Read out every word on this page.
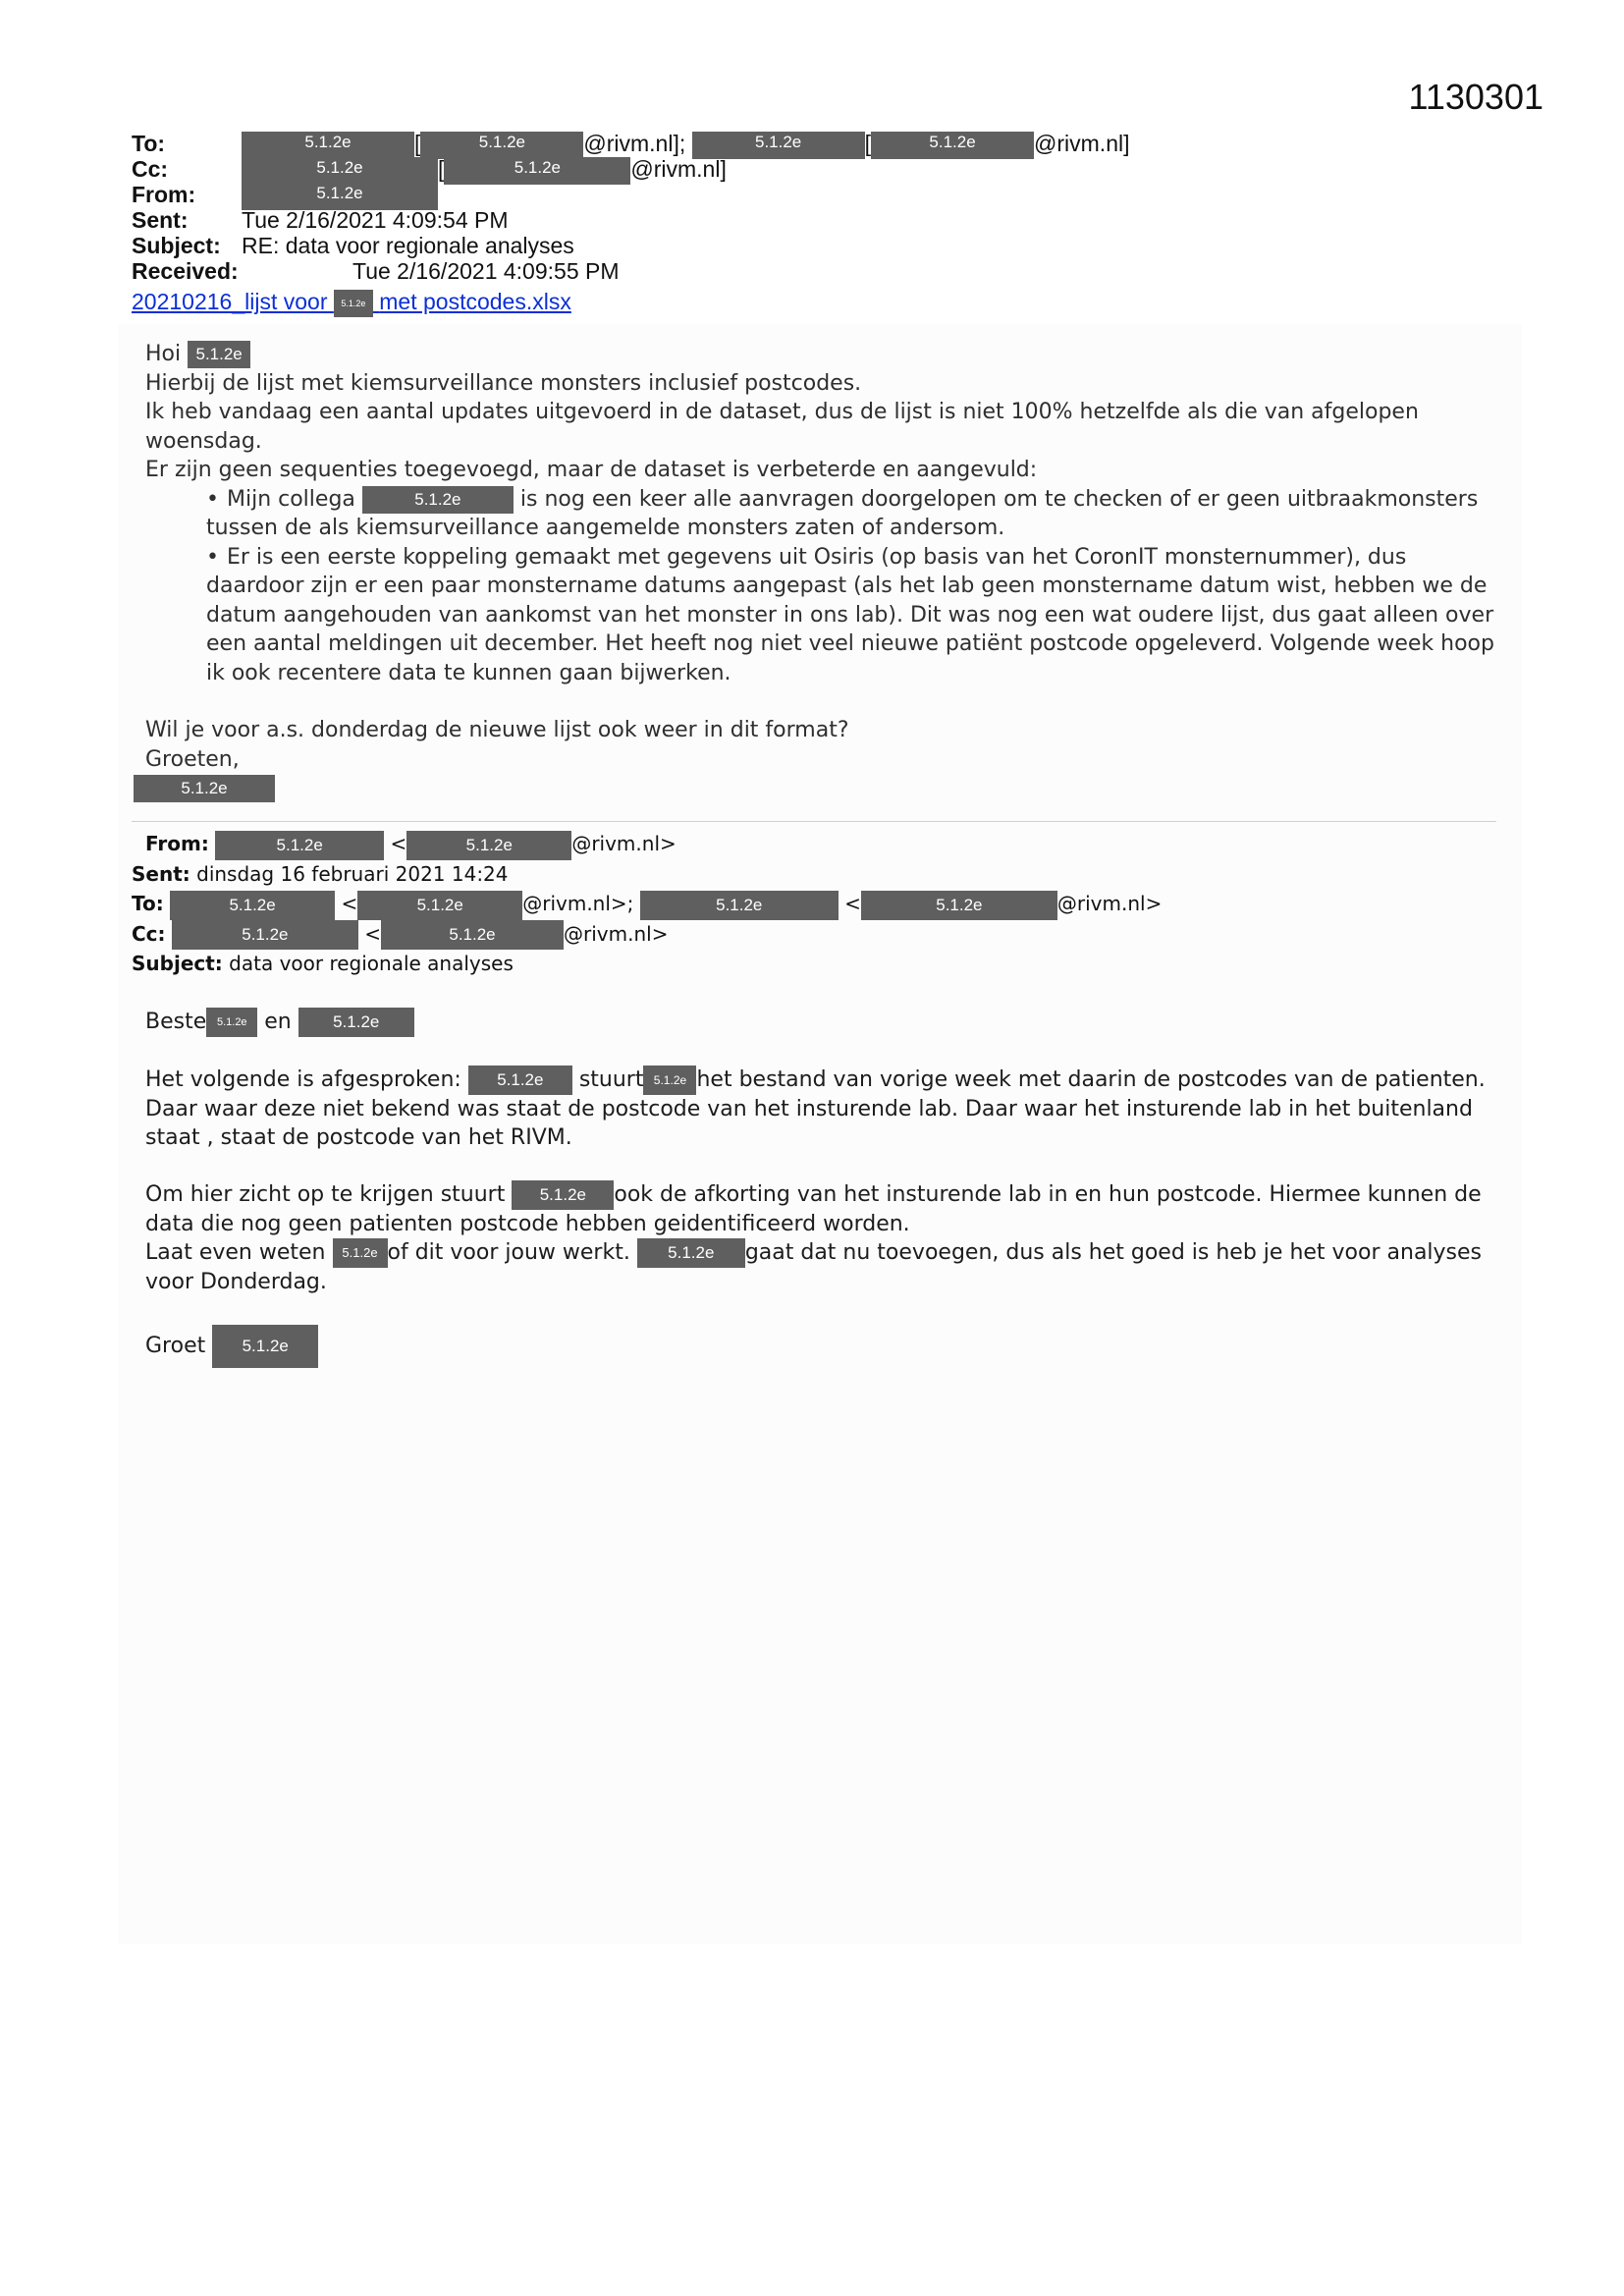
1130301
To:	5.1.2e	[	5.1.2e	@rivm.nl];	5.1.2e	[	5.1.2e	@rivm.nl]
Cc:	5.1.2e	[	5.1.2e	@rivm.nl]
From:	5.1.2e
Sent: Tue 2/16/2021 4:09:54 PM
Subject: RE: data voor regionale analyses
Received:	Tue 2/16/2021 4:09:55 PM
20210216_lijst voor 5.1.2e met postcodes.xlsx

Hoi 5.1.2e

Hierbij de lijst met kiemsurveillance monsters inclusief postcodes.

Ik heb vandaag een aantal updates uitgevoerd in de dataset, dus de lijst is niet 100% hetzelfde als die van afgelopen woensdag.

Er zijn geen sequenties toegevoegd, maar de dataset is verbeterde en aangevuld:

• Mijn collega	5.1.2e	is nog een keer alle aanvragen doorgelopen om te checken of er geen uitbraakmonsters tussen de als kiemsurveillance aangemelde monsters zaten of andersom.

• Er is een eerste koppeling gemaakt met gegevens uit Osiris (op basis van het CoronIT monsternummer), dus daardoor zijn er een paar monstername datums aangepast (als het lab geen monstername datum wist, hebben we de datum aangehouden van aankomst van het monster in ons lab). Dit was nog een wat oudere lijst, dus gaat alleen over een aantal meldingen uit december. Het heeft nog niet veel nieuwe patiënt postcode opgeleverd. Volgende week hoop ik ook recentere data te kunnen gaan bijwerken.

Wil je voor a.s. donderdag de nieuwe lijst ook weer in dit format?

Groeten,

5.1.2e

From:	5.1.2e	<	5.1.2e	@rivm.nl>
Sent: dinsdag 16 februari 2021 14:24
To:	5.1.2e	<	5.1.2e	@rivm.nl>;	5.1.2e	<	5.1.2e	@rivm.nl>
Cc:	5.1.2e	<	5.1.2e	@rivm.nl>
Subject: data voor regionale analyses

Beste 5.1.2e en 5.1.2e

Het volgende is afgesproken: 5.1.2e stuurt 5.1.2e het bestand van vorige week met daarin de postcodes van de patienten. Daar waar deze niet bekend was staat de postcode van het insturende lab. Daar waar het insturende lab in het buitenland staat , staat de postcode van het RIVM.

Om hier zicht op te krijgen stuurt 5.1.2e ook de afkorting van het insturende lab in en hun postcode. Hiermee kunnen de data die nog geen patienten postcode hebben geidentificeerd worden.

Laat even weten 5.1.2e of dit voor jouw werkt. 5.1.2e gaat dat nu toevoegen, dus als het goed is heb je het voor analyses voor Donderdag.

Groet 5.1.2e
